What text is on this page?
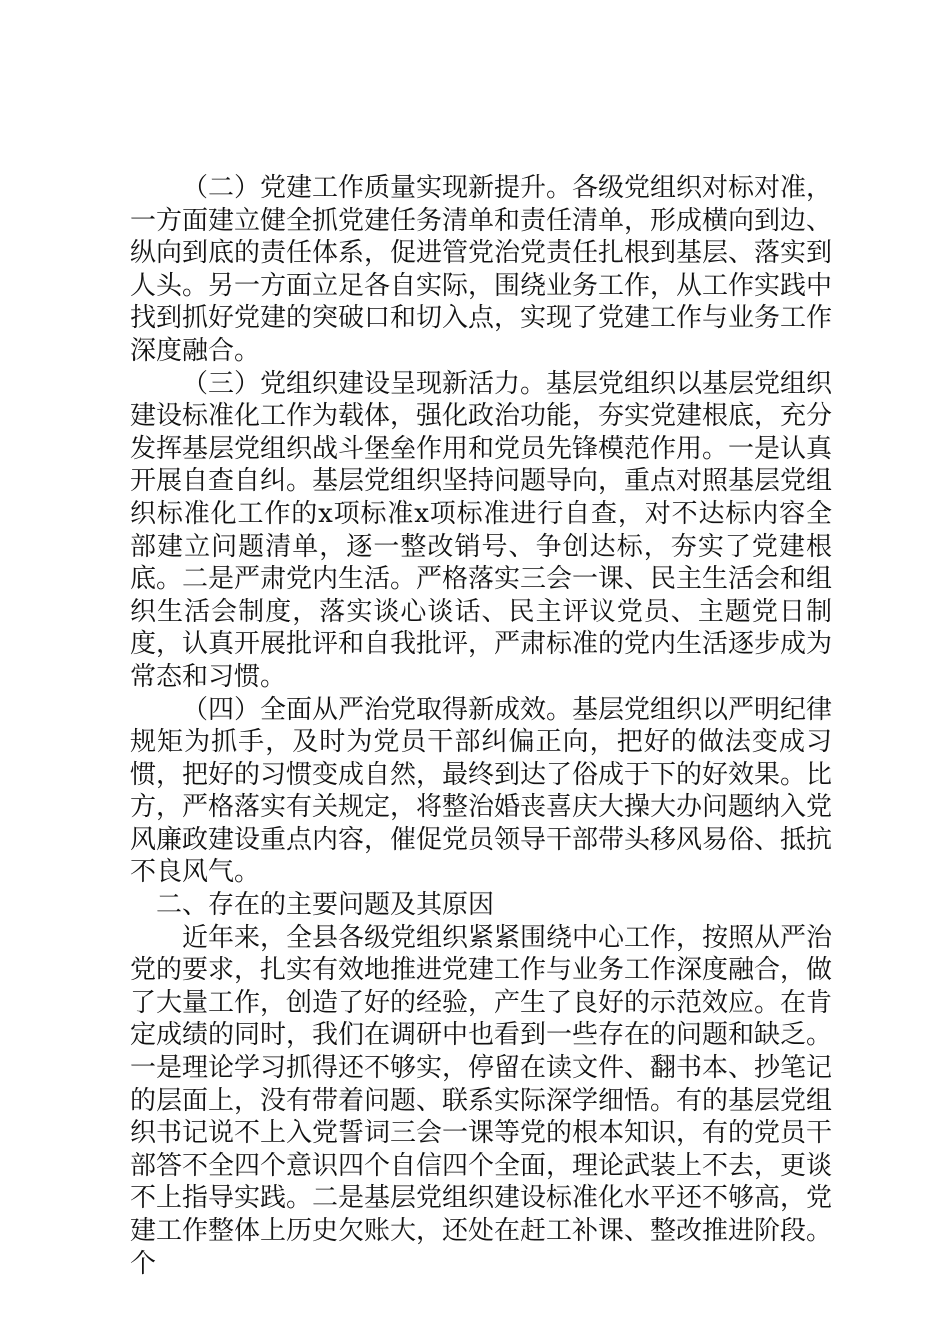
（二）党建工作质量实现新提升。各级党组织对标对准，一方面建立健全抓党建任务清单和责任清单，形成横向到边、纵向到底的责任体系，促进管党治党责任扎根到基层、落实到人头。另一方面立足各自实际，围绕业务工作，从工作实践中找到抓好党建的突破口和切入点，实现了党建工作与业务工作深度融合。

（三）党组织建设呈现新活力。基层党组织以基层党组织建设标准化工作为载体，强化政治功能，夯实党建根底，充分发挥基层党组织战斗堡垒作用和党员先锋模范作用。一是认真开展自查自纠。基层党组织坚持问题导向，重点对照基层党组织标准化工作的x项标准x项标准进行自查，对不达标内容全部建立问题清单，逐一整改销号、争创达标，夯实了党建根底。二是严肃党内生活。严格落实三会一课、民主生活会和组织生活会制度，落实谈心谈话、民主评议党员、主题党日制度，认真开展批评和自我批评，严肃标准的党内生活逐步成为常态和习惯。

（四）全面从严治党取得新成效。基层党组织以严明纪律规矩为抓手，及时为党员干部纠偏正向，把好的做法变成习惯，把好的习惯变成自然，最终到达了俗成于下的好效果。比方，严格落实有关规定，将整治婚丧喜庆大操大办问题纳入党风廉政建设重点内容，催促党员领导干部带头移风易俗、抵抗不良风气。

二、存在的主要问题及其原因

近年来，全县各级党组织紧紧围绕中心工作，按照从严治党的要求，扎实有效地推进党建工作与业务工作深度融合，做了大量工作，创造了好的经验，产生了良好的示范效应。在肯定成绩的同时，我们在调研中也看到一些存在的问题和缺乏。一是理论学习抓得还不够实，停留在读文件、翻书本、抄笔记的层面上，没有带着问题、联系实际深学细悟。有的基层党组织书记说不上入党誓词三会一课等党的根本知识，有的党员干部答不全四个意识四个自信四个全面，理论武装上不去，更谈不上指导实践。二是基层党组织建设标准化水平还不够高，党建工作整体上历史欠账大，还处在赶工补课、整改推进阶段。个
